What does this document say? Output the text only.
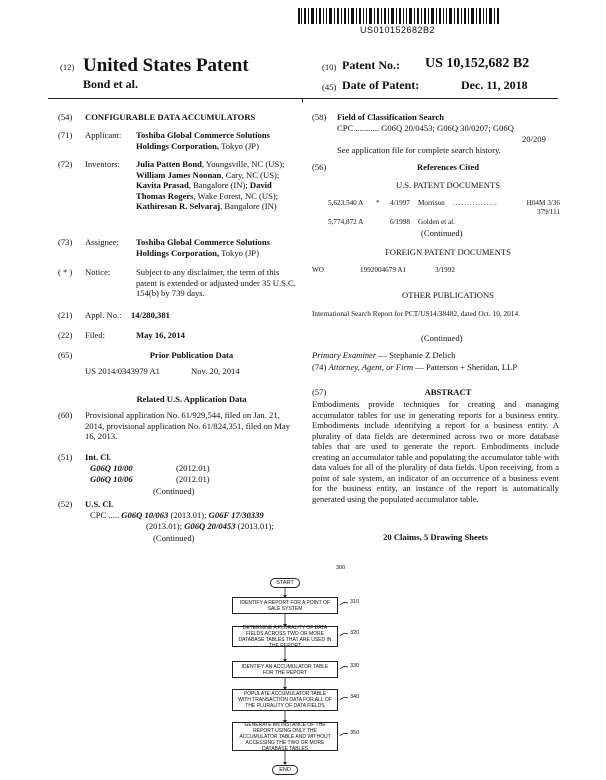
US010152682B2
(12) United States Patent
Bond et al.
(10) Patent No.: US 10,152,682 B2
(45) Date of Patent:	Dec. 11, 2018
(54) CONFIGURABLE DATA ACCUMULATORS
(71) Applicant: Toshiba Global Commerce Solutions Holdings Corporation, Tokyo (JP)
(72) Inventors: Julia Patten Bond, Youngsville, NC (US); William James Noonan, Cary, NC (US); Kavita Prasad, Bangalore (IN); David Thomas Rogers, Wake Forest, NC (US); Kathiresan R. Selvaraj, Bangalore (IN)
(73) Assignee: Toshiba Global Commerce Solutions Holdings Corporation, Tokyo (JP)
( * ) Notice:	Subject to any disclaimer, the term of this patent is extended or adjusted under 35 U.S.C. 154(b) by 739 days.
(21) Appl. No.: 14/280,381
(22) Filed:	May 16, 2014
(65)	Prior Publication Data
US 2014/0343979 A1	Nov. 20, 2014
Related U.S. Application Data
(60) Provisional application No. 61/929,544, filed on Jan. 21, 2014, provisional application No. 61/824,351, filed on May 16, 2013.
(51) Int. Cl.
G06Q 10/00	(2012.01)
G06Q 10/06	(2012.01)
(Continued)
(52) U.S. Cl.
CPC ..... G06Q 10/063 (2013.01); G06F 17/30339
(2013.01); G06Q 20/0453 (2013.01);
(Continued)
(58) Field of Classification Search
CPC ........... G06Q 20/0453; G06Q 30/0207; G06Q
20/209
See application file for complete search history.
(56)	References Cited
U.S. PATENT DOCUMENTS
5,623,540 A * 4/1997 Morrison ................	H04M 3/36
379/111
5,774,872 A	6/1998 Golden et al.
(Continued)
FOREIGN PATENT DOCUMENTS
WO	1992004679 A1	3/1992
OTHER PUBLICATIONS
International Search Report for PCT/US14/38482, dated Oct. 10, 2014.
(Continued)
Primary Examiner — Stephanie Z Delich
(74) Attorney, Agent, or Firm — Patterson + Sheridan, LLP
(57)	ABSTRACT
Embodiments provide techniques for creating and managing accumulator tables for use in generating reports for a business entity. Embodiments include identifying a report for a business entity. A plurality of data fields are determined across two or more database tables that are used to generate the report. Embodiments include creating an accumulator table and populating the accumulator table with data values for all of the plurality of data fields. Upon receiving, from a point of sale system, an indicator of an occurrence of a business event for the business entity, an instance of the report is automatically generated using the populated accumulator table.
20 Claims, 5 Drawing Sheets
300
START
IDENTIFY A REPORT FOR A POINT OF SALE SYSTEM
310
DETERMINE A PLURALITY OF DATA FIELDS ACROSS TWO OR MORE DATABASE TABLES THAT ARE USED IN THE REPORT
320
IDENTIFY AN ACCUMULATOR TABLE FOR THE REPORT
330
POPULATE ACCUMULATOR TABLE WITH TRANSACTION DATA FOR ALL OF THE PLURALITY OF DATA FIELDS
340
GENERATE AN INSTANCE OF THE REPORT USING ONLY THE ACCUMULATOR TABLE AND WITHOUT ACCESSING THE TWO OR MORE DATABASE TABLES
350
END
